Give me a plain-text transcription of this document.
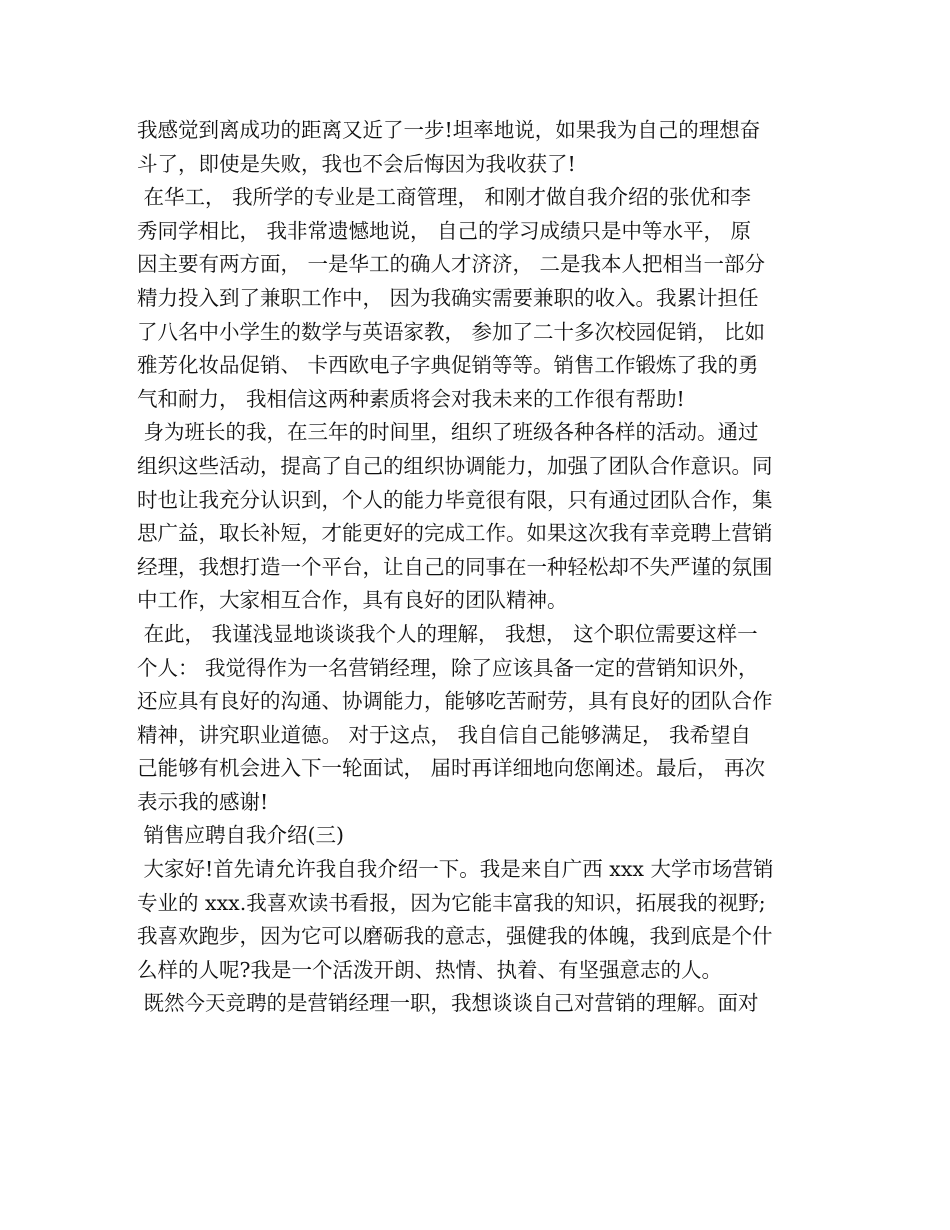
我感觉到离成功的距离又近了一步!坦率地说，如果我为自己的理想奋
斗了，即使是失败，我也不会后悔因为我收获了!
在华工， 我所学的专业是工商管理， 和刚才做自我介绍的张优和李
秀同学相比， 我非常遗憾地说， 自己的学习成绩只是中等水平， 原
因主要有两方面， 一是华工的确人才济济， 二是我本人把相当一部分
精力投入到了兼职工作中， 因为我确实需要兼职的收入。我累计担任
了八名中小学生的数学与英语家教， 参加了二十多次校园促销， 比如
雅芳化妆品促销、 卡西欧电子字典促销等等。销售工作锻炼了我的勇
气和耐力， 我相信这两种素质将会对我未来的工作很有帮助!
身为班长的我，在三年的时间里，组织了班级各种各样的活动。通过
组织这些活动，提高了自己的组织协调能力，加强了团队合作意识。同
时也让我充分认识到，个人的能力毕竟很有限，只有通过团队合作，集
思广益，取长补短，才能更好的完成工作。如果这次我有幸竞聘上营销
经理，我想打造一个平台，让自己的同事在一种轻松却不失严谨的氛围
中工作，大家相互合作，具有良好的团队精神。
在此， 我谨浅显地谈谈我个人的理解， 我想， 这个职位需要这样一
个人： 我觉得作为一名营销经理，除了应该具备一定的营销知识外，
还应具有良好的沟通、协调能力，能够吃苦耐劳，具有良好的团队合作
精神，讲究职业道德。 对于这点， 我自信自己能够满足， 我希望自
己能够有机会进入下一轮面试， 届时再详细地向您阐述。最后， 再次
表示我的感谢!
销售应聘自我介绍(三)
大家好!首先请允许我自我介绍一下。我是来自广西 xxx 大学市场营销
专业的 xxx.我喜欢读书看报，因为它能丰富我的知识，拓展我的视野;
我喜欢跑步，因为它可以磨砺我的意志，强健我的体魄，我到底是个什
么样的人呢?我是一个活泼开朗、热情、执着、有坚强意志的人。
既然今天竞聘的是营销经理一职，我想谈谈自己对营销的理解。面对
